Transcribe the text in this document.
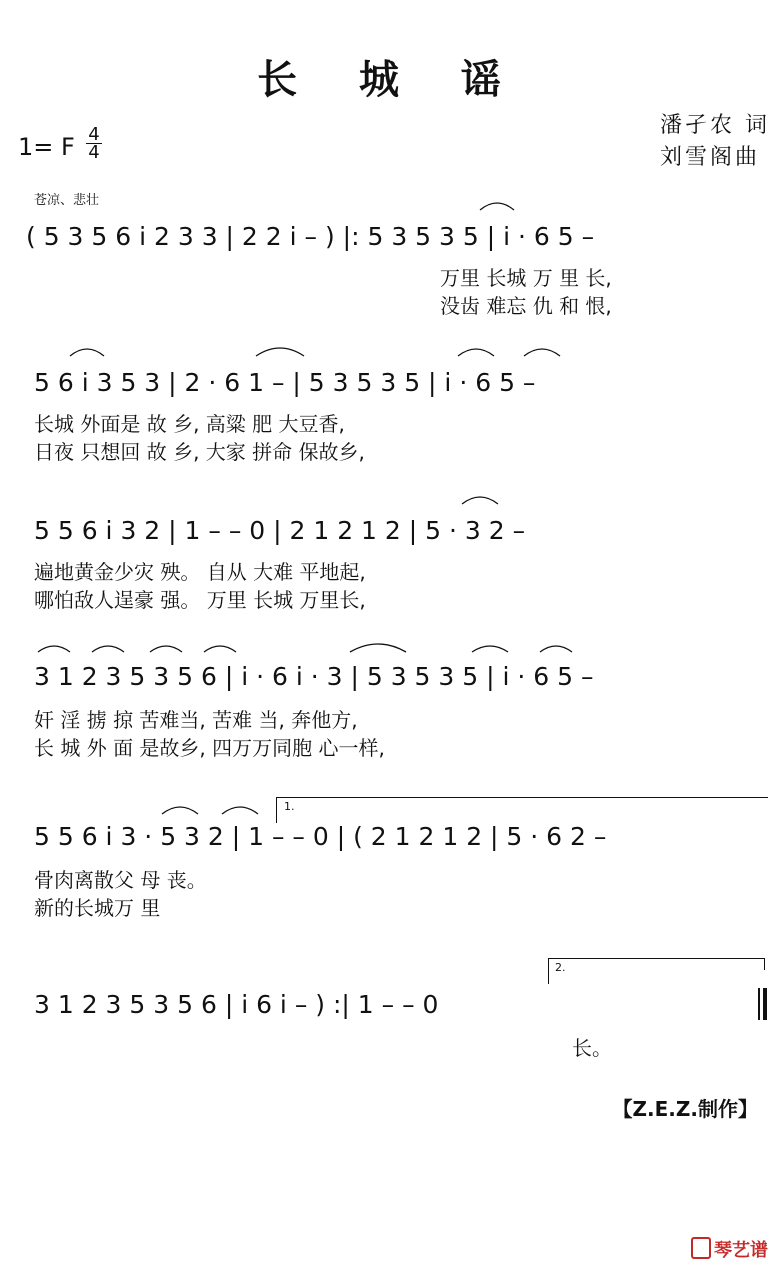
长 城 谣
潘孑农 词
刘雪阁曲
1= F 4
4
苍凉、悲壮
( 5 3 5 6 i 2 3 3 | 2 2 i – ) |: 5 3 5 3 5 | i · 6 5 –
万里 长城 万 里 长,
没齿 难忘 仇 和 恨,
5 6 i 3 5 3 | 2 · 6 1 – | 5 3 5 3 5 | i · 6 5 –
长城 外面是 故 乡, 高粱 肥 大豆香,
日夜 只想回 故 乡, 大家 拼命 保故乡,
5 5 6 i 3 2 | 1 – – 0 | 2 1 2 1 2 | 5 · 3 2 –
遍地黄金少灾 殃。 自从 大难 平地起,
哪怕敌人逞豪 强。 万里 长城 万里长,
3 1 2 3 5 3 5 6 | i · 6 i · 3 | 5 3 5 3 5 | i · 6 5 –
奸 淫 掳 掠 苦难当, 苦难 当, 奔他方,
长 城 外 面 是故乡, 四万万同胞 心一样,
1.
5 5 6 i 3 · 5 3 2 | 1 – – 0 | ( 2 1 2 1 2 | 5 · 6 2 –
骨肉离散父 母 丧。
新的长城万 里
2.
3 1 2 3 5 3 5 6 | i 6 i – ) :| 1 – – 0
长。
【Z.E.Z.制作】
琴艺谱
